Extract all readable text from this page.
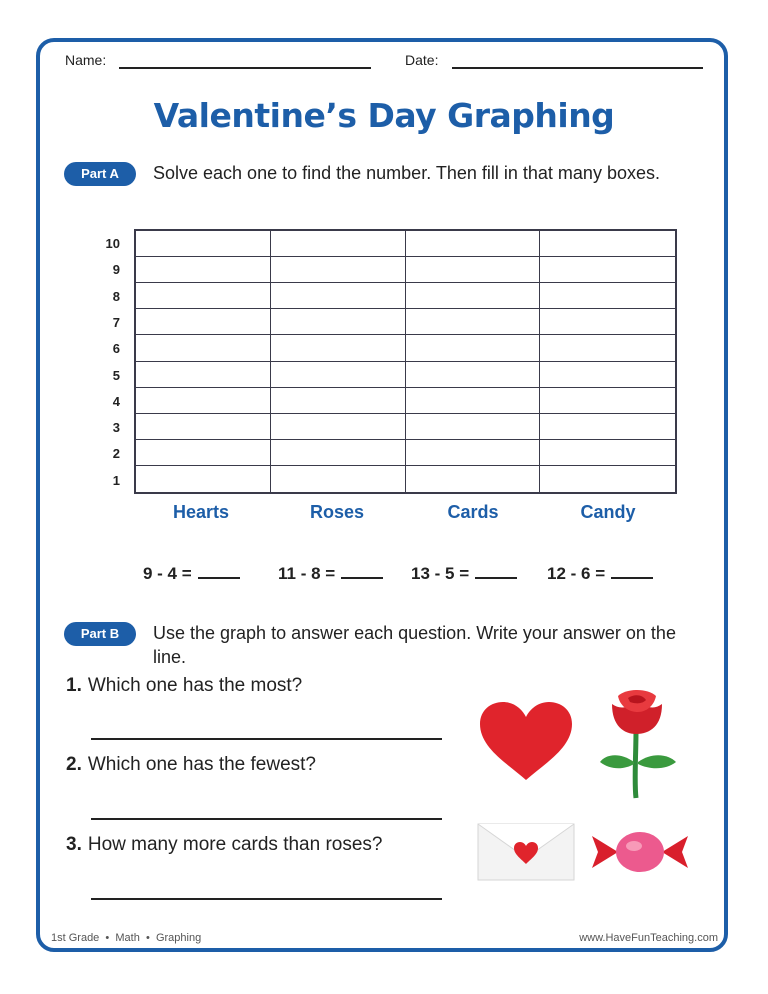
Name:	Date:
Valentine’s Day Graphing
Part A	Solve each one to find the number. Then fill in that many boxes.
10
9
8
7
6
5
4
3
2
1
Hearts	Roses	Cards	Candy
9 - 4 =	11 - 8 =	13 - 5 =	12 - 6 =
Part B	Use the graph to answer each question. Write your answer on the line.
1. Which one has the most?
2. Which one has the fewest?
3. How many more cards than roses?
1st Grade  •  Math  •  Graphing	www.HaveFunTeaching.com
